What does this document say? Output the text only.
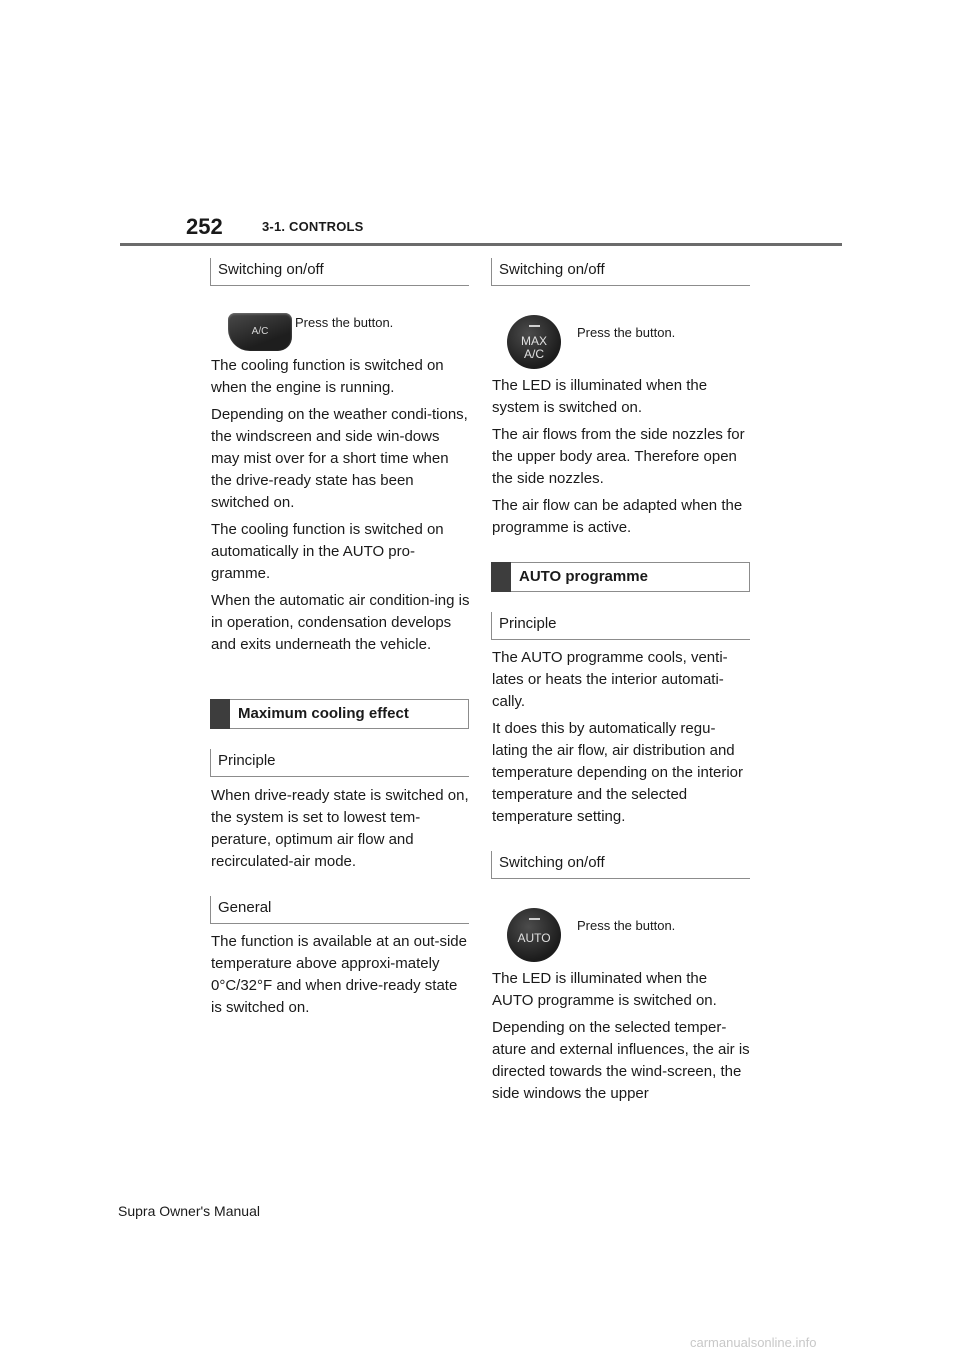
252	3-1. CONTROLS
Switching on/off
A/C
Press the button.

The cooling function is switched on when the engine is running.

Depending on the weather condi-tions, the windscreen and side win-dows may mist over for a short time when the drive-ready state has been switched on.

The cooling function is switched on automatically in the AUTO pro-gramme.

When the automatic air condition-ing is in operation, condensation develops and exits underneath the vehicle.

Maximum cooling effect
Principle

When drive-ready state is switched on, the system is set to lowest tem-perature, optimum air flow and recirculated-air mode.

General

The function is available at an out-side temperature above approxi-mately 0°C/32°F and when drive-ready state is switched on.

Switching on/off
MAX
A/C
Press the button.

The LED is illuminated when the system is switched on.

The air flows from the side nozzles for the upper body area. Therefore open the side nozzles.

The air flow can be adapted when the programme is active.

AUTO programme
Principle

The AUTO programme cools, venti-lates or heats the interior automati-cally.

It does this by automatically regu-lating the air flow, air distribution and temperature depending on the interior temperature and the selected temperature setting.

Switching on/off
AUTO
Press the button.

The LED is illuminated when the AUTO programme is switched on.

Depending on the selected temper-ature and external influences, the air is directed towards the wind-screen, the side windows the upper

Supra Owner's Manual
carmanualsonline.info
